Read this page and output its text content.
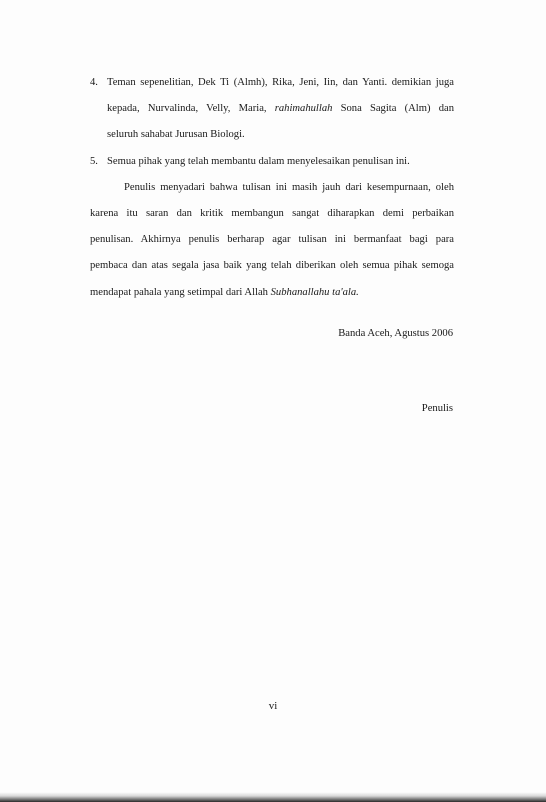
4. Teman sepenelitian, Dek Ti (Almh), Rika, Jeni, Iin, dan Yanti. demikian juga
kepada, Nurvalinda, Velly, Maria, rahimahullah Sona Sagita (Alm) dan
seluruh sahabat Jurusan Biologi.
5. Semua pihak yang telah membantu dalam menyelesaikan penulisan ini.
Penulis menyadari bahwa tulisan ini masih jauh dari kesempurnaan, oleh
karena itu saran dan kritik membangun sangat diharapkan demi perbaikan
penulisan. Akhirnya penulis berharap agar tulisan ini bermanfaat bagi para
pembaca dan atas segala jasa baik yang telah diberikan oleh semua pihak semoga
mendapat pahala yang setimpal dari Allah Subhanallahu ta'ala.
Banda Aceh, Agustus 2006
Penulis
vi
